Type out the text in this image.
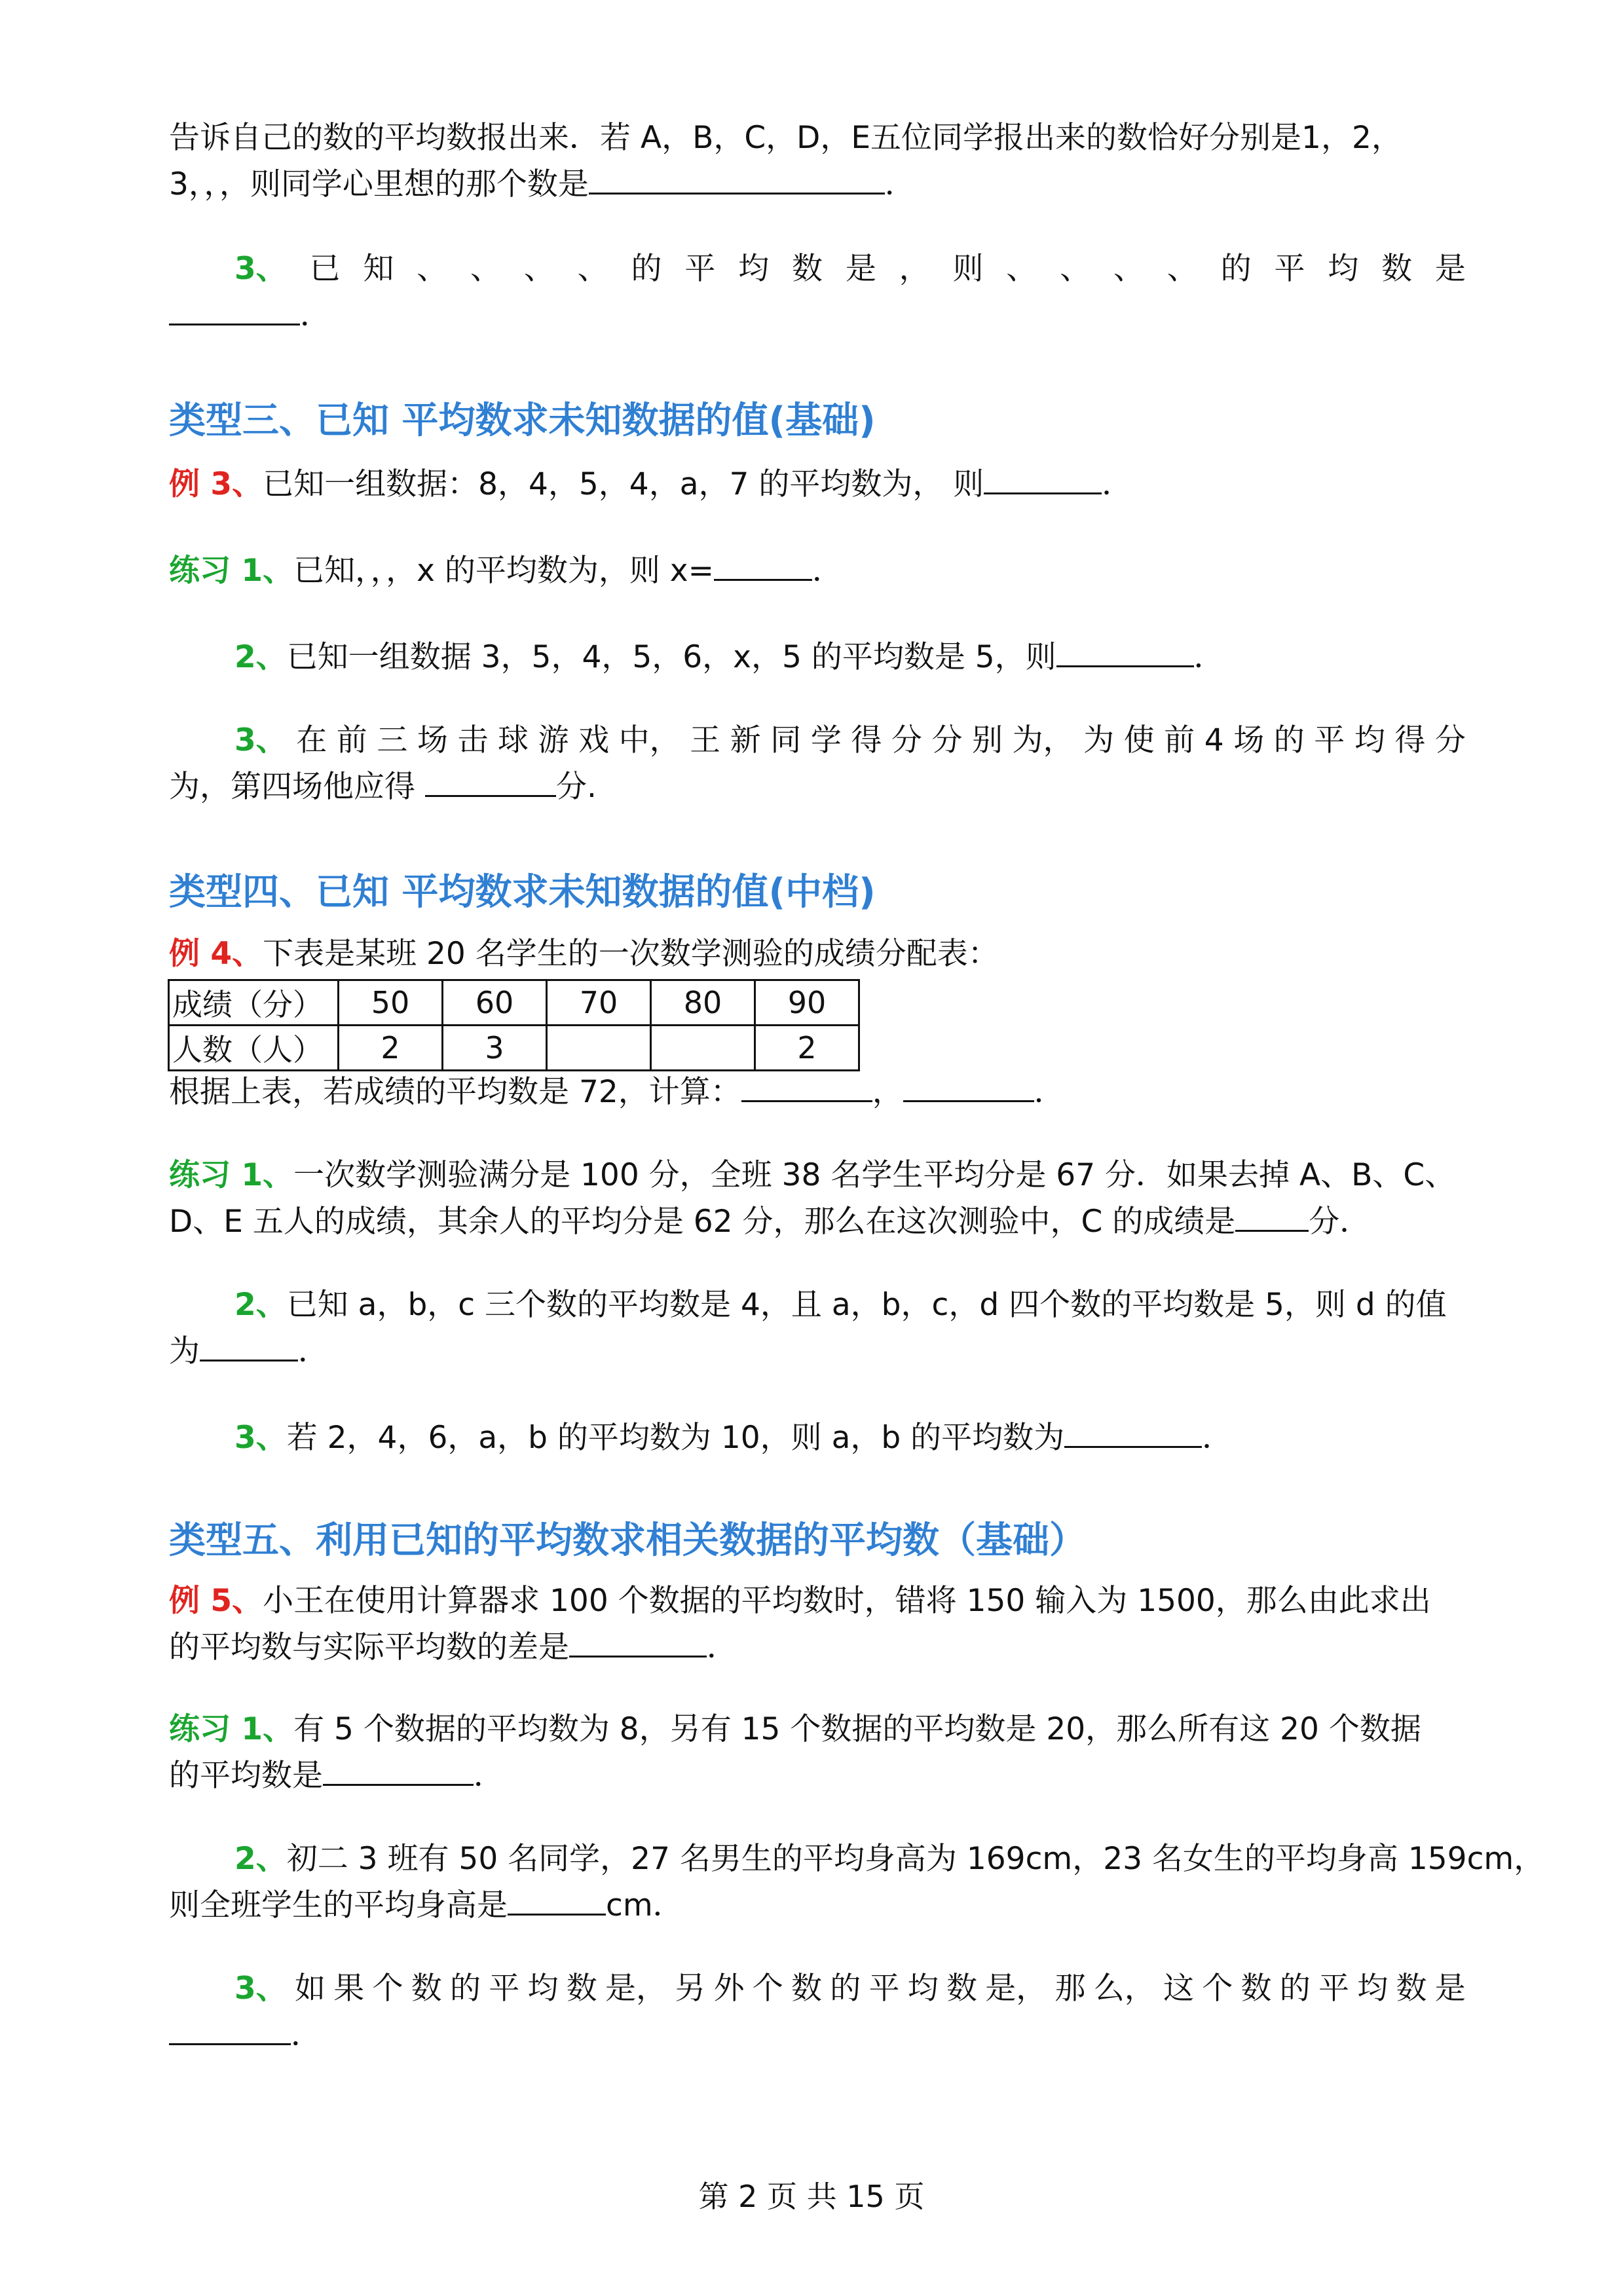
告诉自己的数的平均数报出来．若 A，B，C，D，E五位同学报出来的数恰好分别是1，2，
3，，，则同学心里想的那个数是	．
3、 已 知 、 、 、 、 的 平 均 数 是 ， 则 、 、 、 、 的 平 均 数 是
．
类型三、已知 平均数求未知数据的值(基础)
例 3、已知一组数据：8，4，5，4，a，7 的平均数为， 则	．
练习 1、已知，，，x 的平均数为，则 x=	．
2、已知一组数据 3，5，4，5，6，x，5 的平均数是 5，则	．
3、 在 前 三 场 击 球 游 戏 中， 王 新 同 学 得 分 分 别 为， 为 使 前 4 场 的 平 均 得 分
为，第四场他应得	分.
类型四、已知 平均数求未知数据的值(中档)
例 4、下表是某班 20 名学生的一次数学测验的成绩分配表：
成绩（分）	50	60	70	80	90
人数（人）	2	3			2
根据上表，若成绩的平均数是 72，计算：	，	．
练习 1、一次数学测验满分是 100 分，全班 38 名学生平均分是 67 分．如果去掉 A、B、C、
D、E 五人的成绩，其余人的平均分是 62 分，那么在这次测验中，C 的成绩是 分．
2、已知 a，b，c 三个数的平均数是 4，且 a，b，c，d 四个数的平均数是 5，则 d 的值
为	．
3、若 2，4，6，a，b 的平均数为 10，则 a，b 的平均数为	．
类型五、利用已知的平均数求相关数据的平均数（基础）
例 5、小王在使用计算器求 100 个数据的平均数时，错将 150 输入为 1500，那么由此求出
的平均数与实际平均数的差是	．
练习 1、有 5 个数据的平均数为 8，另有 15 个数据的平均数是 20，那么所有这 20 个数据
的平均数是	．
2、初二 3 班有 50 名同学，27 名男生的平均身高为 169cm，23 名女生的平均身高 159cm，
则全班学生的平均身高是	cm．
3、 如 果 个 数 的 平 均 数 是， 另 外 个 数 的 平 均 数 是， 那 么， 这 个 数 的 平 均 数 是
．
第 2 页 共 15 页
